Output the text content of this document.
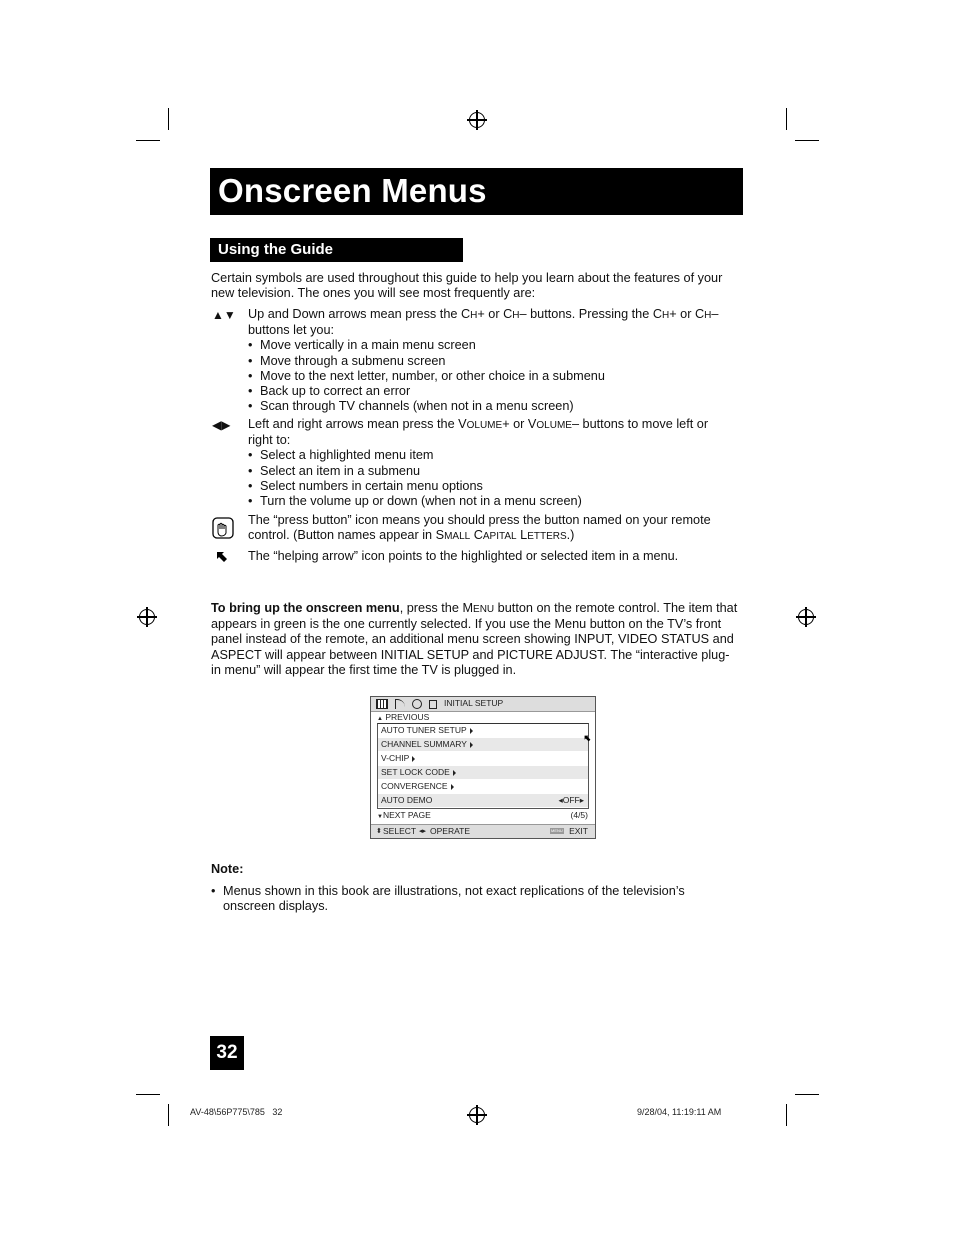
Onscreen Menus
Using the Guide
Certain symbols are used throughout this guide to help you learn about the features of your new television. The ones you will see most frequently are:
▲▼ Up and Down arrows mean press the CH+ or CH– buttons. Pressing the CH+ or CH– buttons let you:
• Move vertically in a main menu screen
• Move through a submenu screen
• Move to the next letter, number, or other choice in a submenu
• Back up to correct an error
• Scan through TV channels (when not in a menu screen)
◀▶ Left and right arrows mean press the VOLUME+ or VOLUME– buttons to move left or right to:
• Select a highlighted menu item
• Select an item in a submenu
• Select numbers in certain menu options
• Turn the volume up or down (when not in a menu screen)
The “press button” icon means you should press the button named on your remote control. (Button names appear in SMALL CAPITAL LETTERS.)
The “helping arrow” icon points to the highlighted or selected item in a menu.
To bring up the onscreen menu, press the MENU button on the remote control. The item that appears in green is the one currently selected. If you use the Menu button on the TV’s front panel instead of the remote, an additional menu screen showing INPUT, VIDEO STATUS and ASPECT will appear between INITIAL SETUP and PICTURE ADJUST. The “interactive plug-in menu” will appear the first time the TV is plugged in.
INITIAL SETUP
▲ PREVIOUS
AUTO TUNER SETUP
CHANNEL SUMMARY
V-CHIP
SET LOCK CODE
CONVERGENCE
AUTO DEMO	◂OFF▸
▼NEXT PAGE	(4/5)
⬍ SELECT ◂▸ OPERATE	MENU EXIT
Note:
• Menus shown in this book are illustrations, not exact replications of the television’s onscreen displays.
32
AV-48\56P775\785   32	9/28/04, 11:19:11 AM
